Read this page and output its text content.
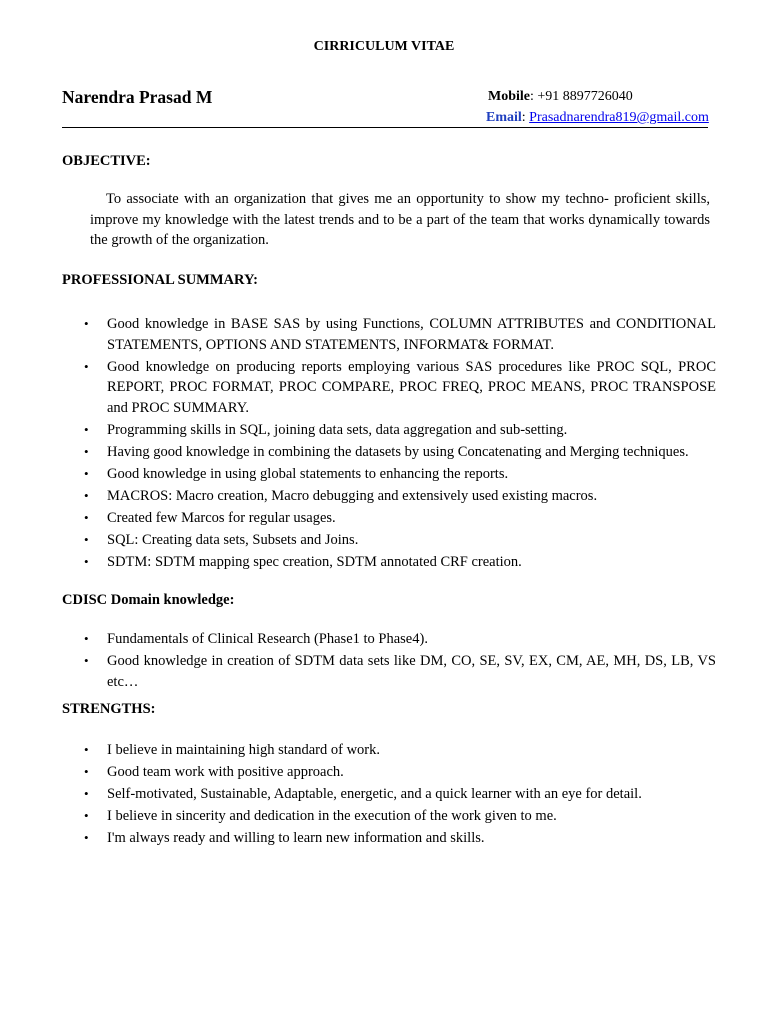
CIRRICULUM VITAE
Narendra Prasad M	Mobile: +91 8897726040
Email: Prasadnarendra819@gmail.com
OBJECTIVE:
To associate with an organization that gives me an opportunity to show my techno- proficient skills, improve my knowledge with the latest trends and to be a part of the team that works dynamically towards the growth of the organization.
PROFESSIONAL SUMMARY:
• Good knowledge in BASE SAS by using Functions, COLUMN ATTRIBUTES and CONDITIONAL STATEMENTS, OPTIONS AND STATEMENTS, INFORMAT& FORMAT.
• Good knowledge on producing reports employing various SAS procedures like PROC SQL, PROC REPORT, PROC FORMAT, PROC COMPARE, PROC FREQ, PROC MEANS, PROC TRANSPOSE and PROC SUMMARY.
• Programming skills in SQL, joining data sets, data aggregation and sub-setting.
• Having good knowledge in combining the datasets by using Concatenating and Merging techniques.
• Good knowledge in using global statements to enhancing the reports.
• MACROS: Macro creation, Macro debugging and extensively used existing macros.
• Created few Marcos for regular usages.
• SQL: Creating data sets, Subsets and Joins.
• SDTM: SDTM mapping spec creation, SDTM annotated CRF creation.
CDISC Domain knowledge:
• Fundamentals of Clinical Research (Phase1 to Phase4).
• Good knowledge in creation of SDTM data sets like DM, CO, SE, SV, EX, CM, AE, MH, DS, LB, VS etc…
STRENGTHS:
• I believe in maintaining high standard of work.
• Good team work with positive approach.
• Self-motivated, Sustainable, Adaptable, energetic, and a quick learner with an eye for detail.
• I believe in sincerity and dedication in the execution of the work given to me.
• I'm always ready and willing to learn new information and skills.
